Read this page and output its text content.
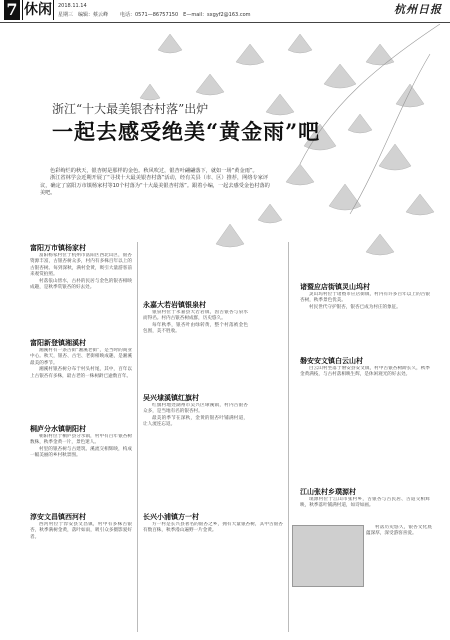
7 休闲 2018.11.14
星期三　编辑：蔡云峰 电话：0571—86757150　E—mail：sxgyf2@163.com	杭州日报
浙江“十大最美银杏村落”出炉
一起去感受绝美“黄金雨”吧

色彩绚烂的秋天，银杏树是那样的金色。秋风吹过，银杏叶翩翩落下，就如一场“黄金雨”。

浙江省林学会近期开展了“寻找十大最美银杏村落”活动，经有关县（市、区）推荐，网络专家评议，确定了富阳万市镇杨家村等10个村落为“十大最美银杏村落”。跟着小编，一起去感受金色村落的美吧。

富阳万市镇杨家村

富阳杨家村位于杭州市富阳区西北山区，银杏资源丰富，古银杏树众多，村内有多株百年以上的古银杏树。每到深秋，满村金黄，吸引大量游客前来观赏拍照。

村落依山傍水，古朴的民居与金色的银杏相映成趣，是秋季赏银杏的好去处。

富阳新登镇湘溪村

湘溪村有一条古街“湘溪老街”，是当时的商业中心。秋天，银杏、古宅、老街相映成趣，是湘溪最美的季节。

湘溪村银杏树分布于村头村尾，其中，百年以上古银杏有多株，最古老的一株树龄已逾数百年。

桐庐分水镇朝阳村

朝阳村位于桐庐县分水镇，村中有百年银杏树数株，秋季金黄一片，景色迷人。

村里的银杏树与古建筑、溪流交相辉映，构成一幅美丽的乡村秋景图。

淳安文昌镇西河村

西河村位于淳安县文昌镇，村中有多株古银杏，秋季满树金黄，落叶如雨，吸引众多摄影爱好者。

永嘉大若岩镇银泉村

银泉村位于永嘉县大若岩镇，因古银杏与泉水而得名。村内古银杏树成群，历史悠久。

每年秋季，银杏叶由绿转黄，整个村落被金色包围，美不胜收。

吴兴埭溪镇红旗村

红旗村地处湖州市吴兴区埭溪镇，村内古银杏众多，是当地有名的银杏村。

最美的季节在深秋，金黄的银杏叶铺满村道，让人流连忘返。

长兴小浦镇方一村

方一村是长兴县著名的银杏之乡，拥有大量银杏树，其中古银杏有数百株，秋季漫山遍野一片金黄。

诸暨应店街镇灵山坞村

灵山坞村位于诸暨市应店街镇，村内有许多百年以上的古银杏树，秋季景色优美。

村民世代守护银杏，银杏已成为村庄的象征。

磐安安文镇白云山村

白云山村坐落于磐安县安文镇，村中古银杏树龄长久，秋季金黄满枝，与古村落相映生辉，是休闲观光的好去处。

江山张村乡璞源村

璞源村位于江山市张村乡，古银杏与古民居、古道交相辉映，秋季落叶铺满村道，如诗如画。

村落历史悠久，银杏文化底蕴深厚，深受游客喜爱。
